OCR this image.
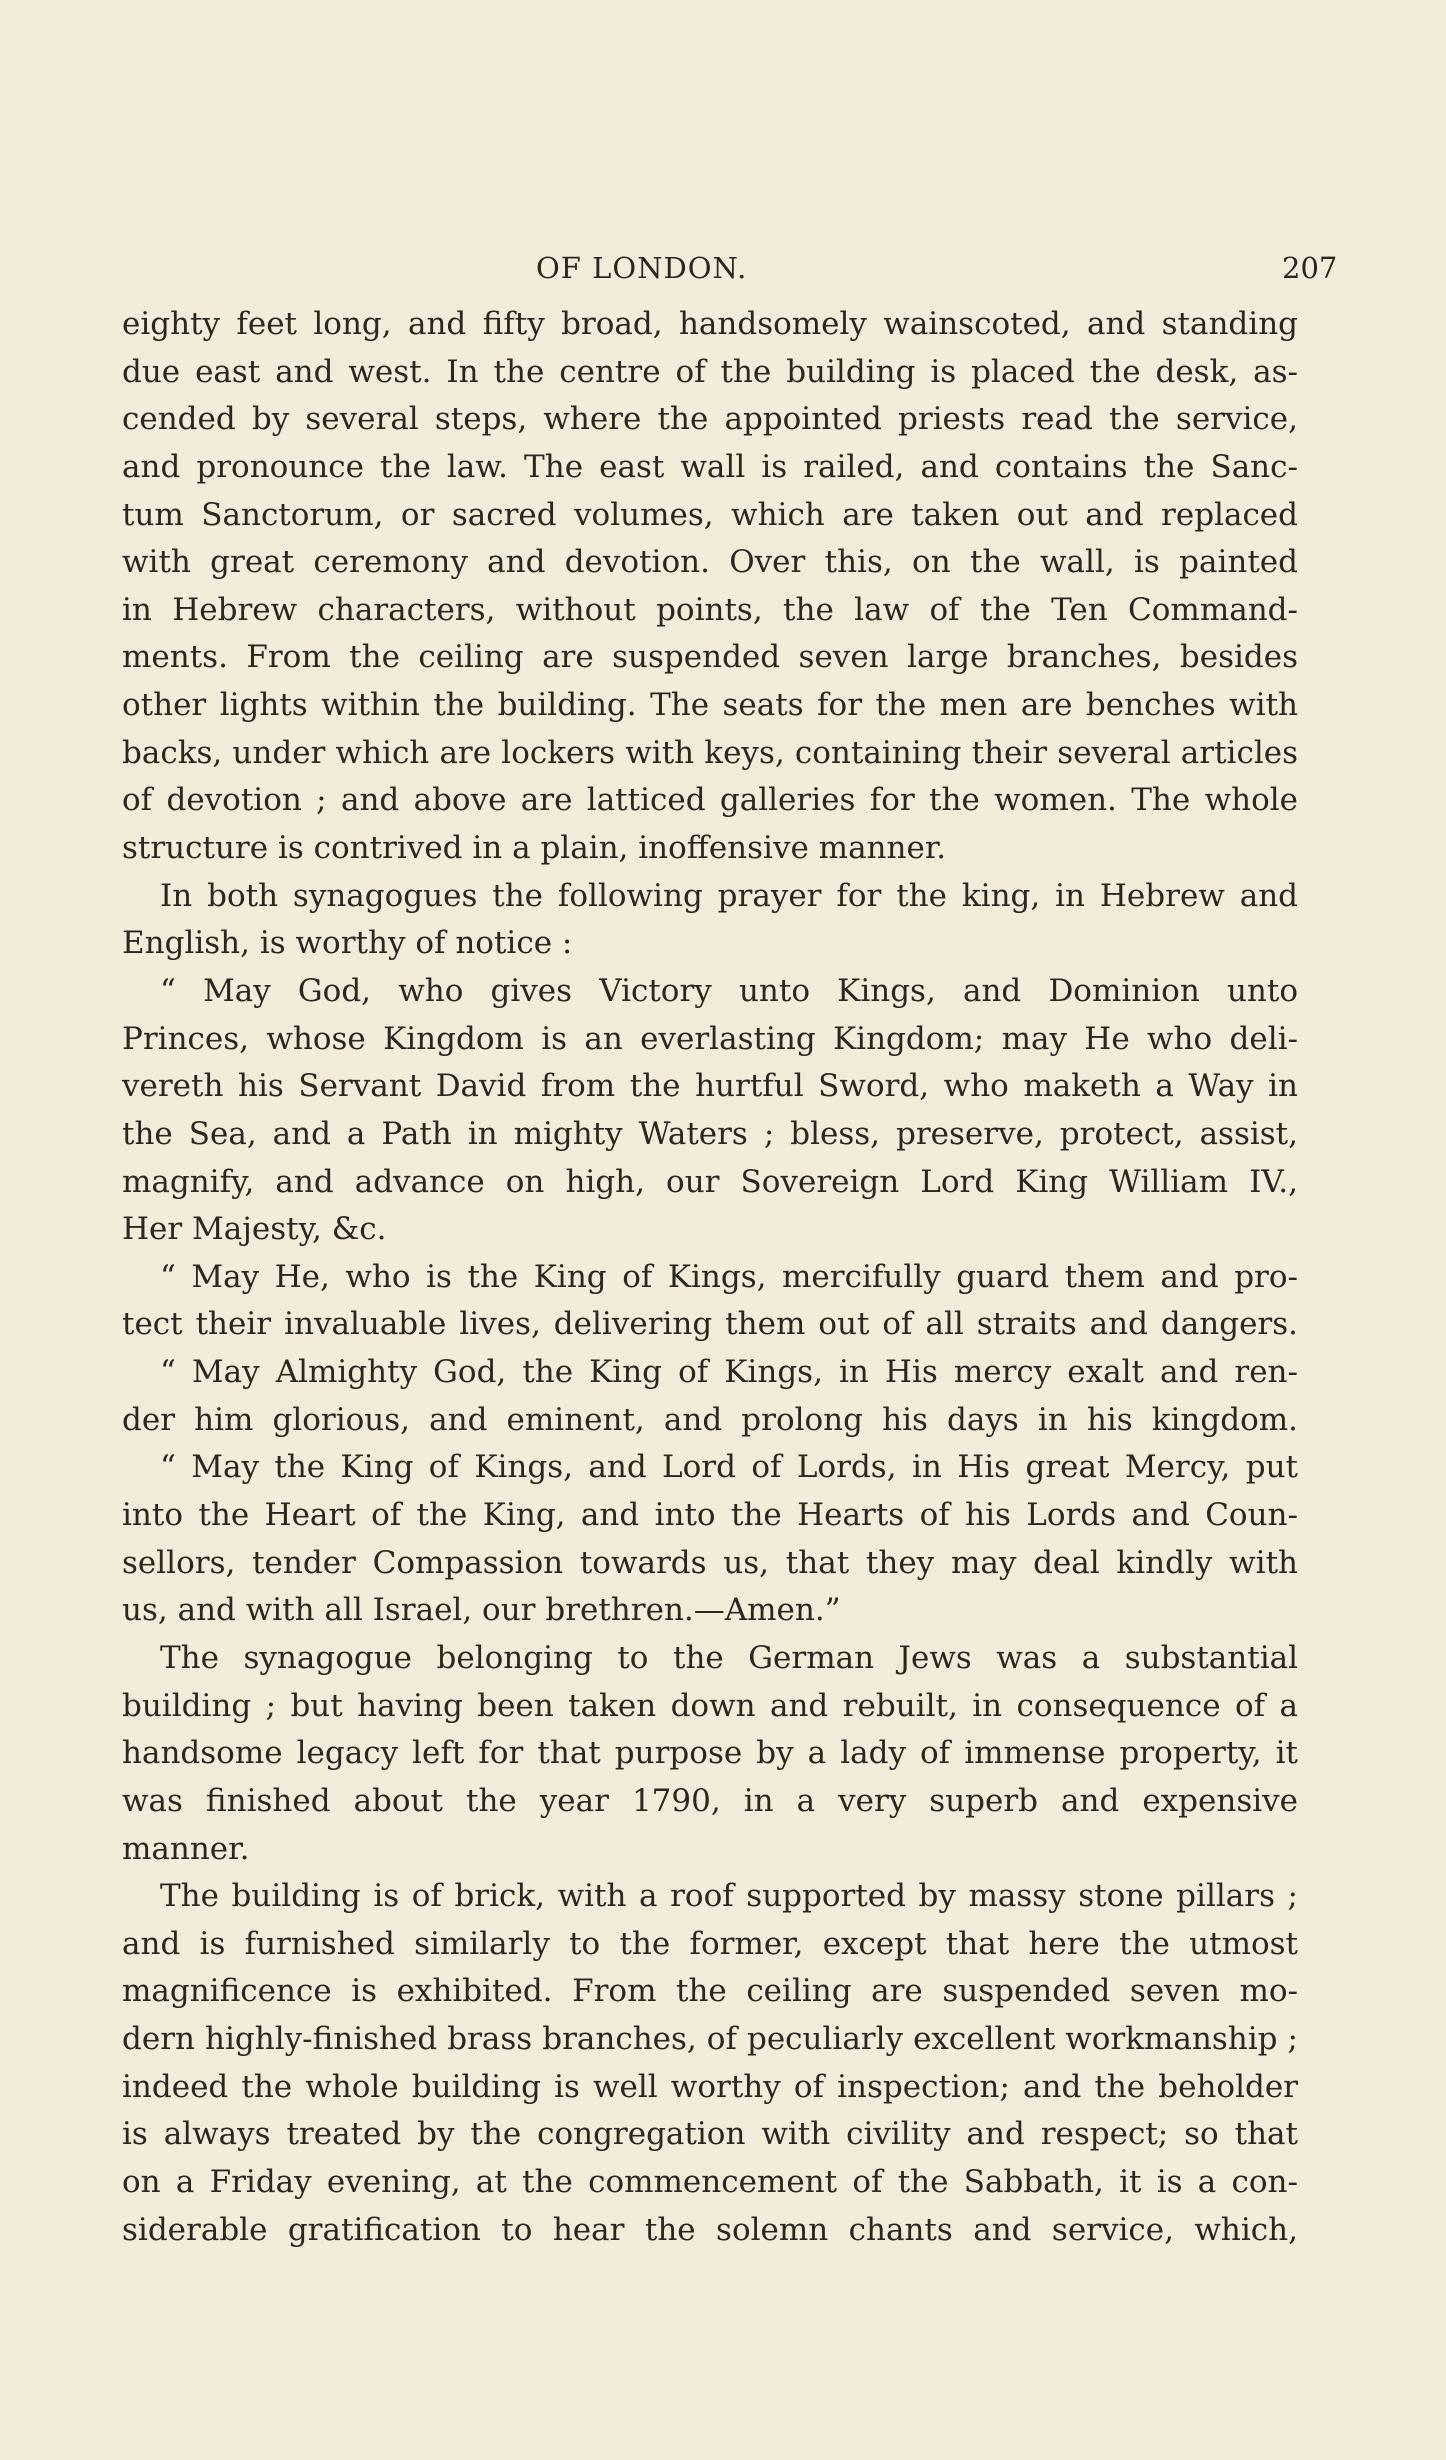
OF LONDON.	207
eighty feet long, and fifty broad, handsomely wainscoted, and standing
due east and west. In the centre of the building is placed the desk, as-
cended by several steps, where the appointed priests read the service,
and pronounce the law. The east wall is railed, and contains the Sanc-
tum Sanctorum, or sacred volumes, which are taken out and replaced
with great ceremony and devotion. Over this, on the wall, is painted
in Hebrew characters, without points, the law of the Ten Command-
ments. From the ceiling are suspended seven large branches, besides
other lights within the building. The seats for the men are benches with
backs, under which are lockers with keys, containing their several articles
of devotion ; and above are latticed galleries for the women. The whole
structure is contrived in a plain, inoffensive manner.
In both synagogues the following prayer for the king, in Hebrew and
English, is worthy of notice :
“ May God, who gives Victory unto Kings, and Dominion unto
Princes, whose Kingdom is an everlasting Kingdom; may He who deli-
vereth his Servant David from the hurtful Sword, who maketh a Way in
the Sea, and a Path in mighty Waters ; bless, preserve, protect, assist,
magnify, and advance on high, our Sovereign Lord King William IV.,
Her Majesty, &c.
“ May He, who is the King of Kings, mercifully guard them and pro-
tect their invaluable lives, delivering them out of all straits and dangers.
“ May Almighty God, the King of Kings, in His mercy exalt and ren-
der him glorious, and eminent, and prolong his days in his kingdom.
“ May the King of Kings, and Lord of Lords, in His great Mercy, put
into the Heart of the King, and into the Hearts of his Lords and Coun-
sellors, tender Compassion towards us, that they may deal kindly with
us, and with all Israel, our brethren.—Amen.”
The synagogue belonging to the German Jews was a substantial
building ; but having been taken down and rebuilt, in consequence of a
handsome legacy left for that purpose by a lady of immense property, it
was finished about the year 1790, in a very superb and expensive
manner.
The building is of brick, with a roof supported by massy stone pillars ;
and is furnished similarly to the former, except that here the utmost
magnificence is exhibited. From the ceiling are suspended seven mo-
dern highly-finished brass branches, of peculiarly excellent workmanship ;
indeed the whole building is well worthy of inspection; and the beholder
is always treated by the congregation with civility and respect; so that
on a Friday evening, at the commencement of the Sabbath, it is a con-
siderable gratification to hear the solemn chants and service, which,
